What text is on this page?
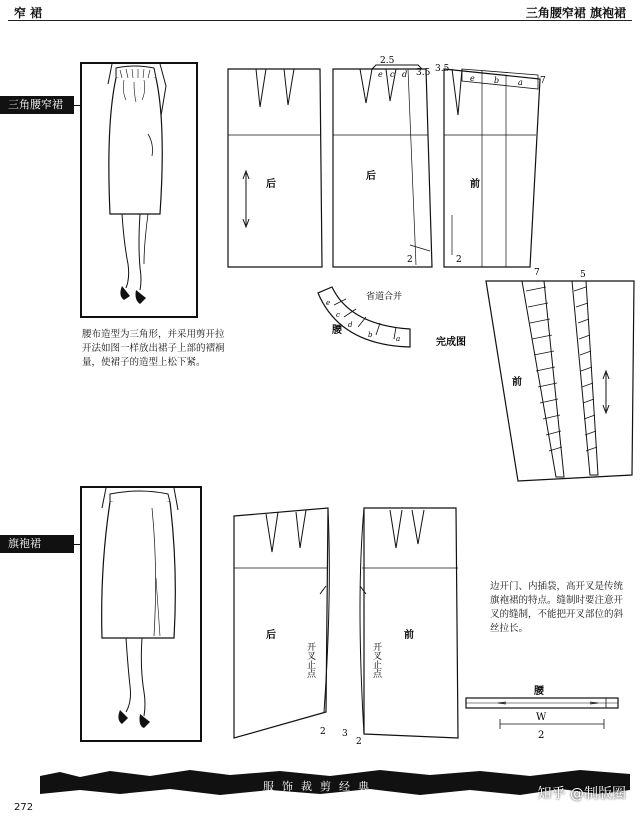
窄 裙	三角腰窄裙 旗袍裙
三角腰窄裙
腰布造型为三角形，并采用剪开拉开法如图一样放出裙子上部的褶裥量，使裙子的造型上松下紧。
后
后
2.5
3.5
e c d
2
前
3.5
7
e b a
2
e
c
d
b	a
省道合并
腰
完成图
7	5
前
旗袍裙
后
开叉止点
2
前
开叉止点
3
2
腰
W
2
边开门、内插袋，高开叉是传统旗袍裙的特点。缝制时要注意开叉的缝制，不能把开叉部位的斜丝拉长。
服饰裁剪经典	知乎 @制版圈
272
